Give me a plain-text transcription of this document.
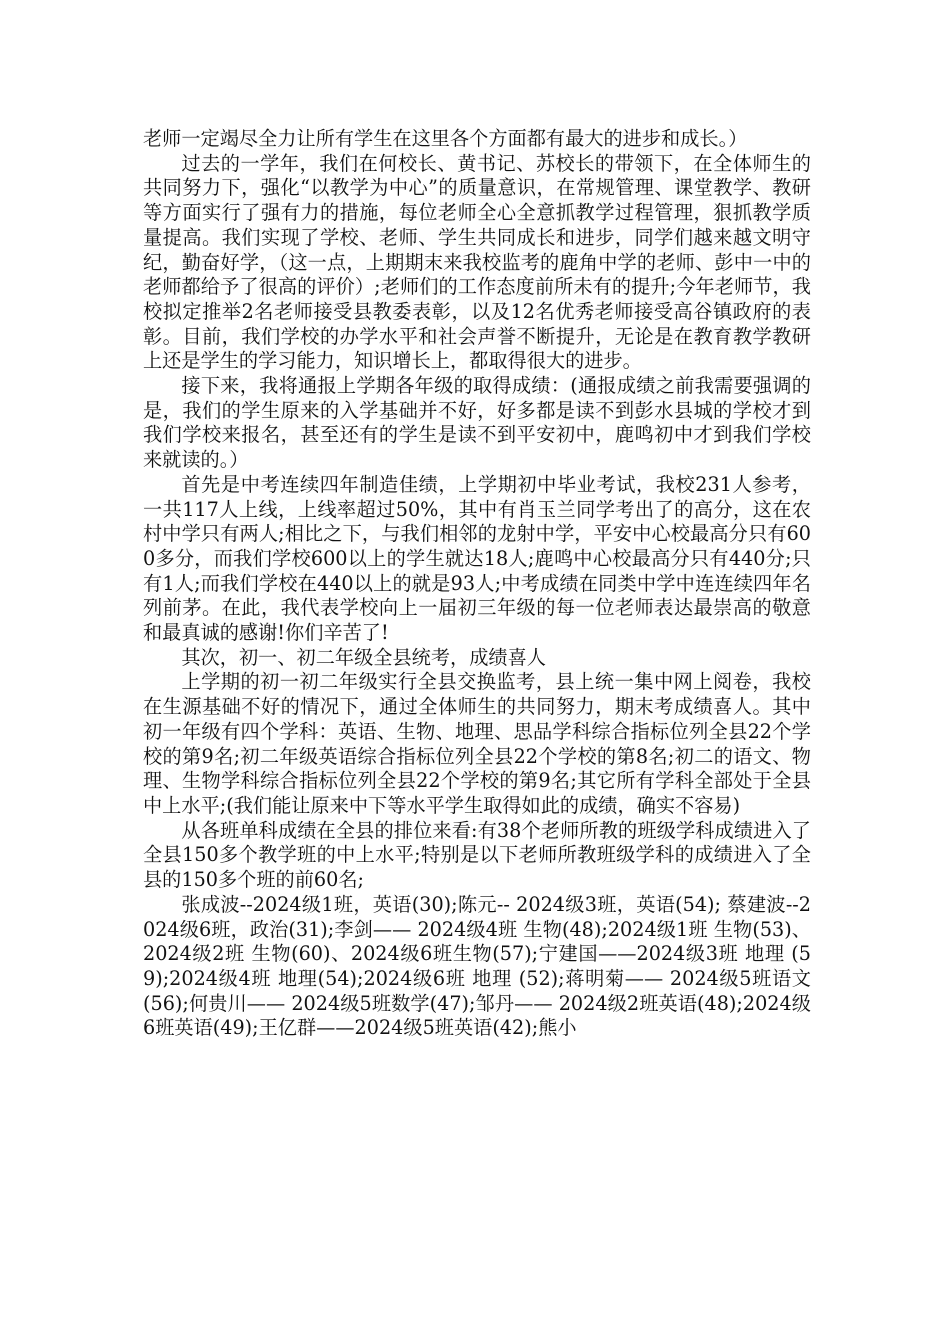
老师一定竭尽全力让所有学生在这里各个方面都有最大的进步和成长。）

过去的一学年，我们在何校长、黄书记、苏校长的带领下，在全体师生的共同努力下，强化“以教学为中心”的质量意识，在常规管理、课堂教学、教研等方面实行了强有力的措施，每位老师全心全意抓教学过程管理，狠抓教学质量提高。我们实现了学校、老师、学生共同成长和进步，同学们越来越文明守纪，勤奋好学，（这一点，上期期末来我校监考的鹿角中学的老师、彭中一中的老师都给予了很高的评价）;老师们的工作态度前所未有的提升;今年老师节，我校拟定推举2名老师接受县教委表彰，以及12名优秀老师接受高谷镇政府的表彰。目前，我们学校的办学水平和社会声誉不断提升，无论是在教育教学教研上还是学生的学习能力，知识增长上，都取得很大的进步。

接下来，我将通报上学期各年级的取得成绩：(通报成绩之前我需要强调的是，我们的学生原来的入学基础并不好，好多都是读不到彭水县城的学校才到我们学校来报名，甚至还有的学生是读不到平安初中，鹿鸣初中才到我们学校来就读的。）

首先是中考连续四年制造佳绩，上学期初中毕业考试，我校231人参考，一共117人上线，上线率超过50%，其中有肖玉兰同学考出了的高分，这在农村中学只有两人;相比之下，与我们相邻的龙射中学，平安中心校最高分只有600多分，而我们学校600以上的学生就达18人;鹿鸣中心校最高分只有440分;只有1人;而我们学校在440以上的就是93人;中考成绩在同类中学中连连续四年名列前茅。在此，我代表学校向上一届初三年级的每一位老师表达最崇高的敬意和最真诚的感谢!你们辛苦了!

其次，初一、初二年级全县统考，成绩喜人

上学期的初一初二年级实行全县交换监考，县上统一集中网上阅卷，我校在生源基础不好的情况下，通过全体师生的共同努力，期末考成绩喜人。其中初一年级有四个学科：英语、生物、地理、思品学科综合指标位列全县22个学校的第9名;初二年级英语综合指标位列全县22个学校的第8名;初二的语文、物理、生物学科综合指标位列全县22个学校的第9名;其它所有学科全部处于全县中上水平;(我们能让原来中下等水平学生取得如此的成绩，确实不容易)

从各班单科成绩在全县的排位来看:有38个老师所教的班级学科成绩进入了全县150多个教学班的中上水平;特别是以下老师所教班级学科的成绩进入了全县的150多个班的前60名;

张成波--2024级1班，英语(30);陈元-- 2024级3班，英语(54); 蔡建波--2024级6班，政治(31);李剑—— 2024级4班 生物(48);2024级1班 生物(53)、2024级2班 生物(60)、2024级6班生物(57);宁建国——2024级3班 地理 (59);2024级4班 地理(54);2024级6班 地理 (52);蒋明菊—— 2024级5班语文(56);何贵川—— 2024级5班数学(47);邹丹—— 2024级2班英语(48);2024级6班英语(49);王亿群——2024级5班英语(42);熊小
